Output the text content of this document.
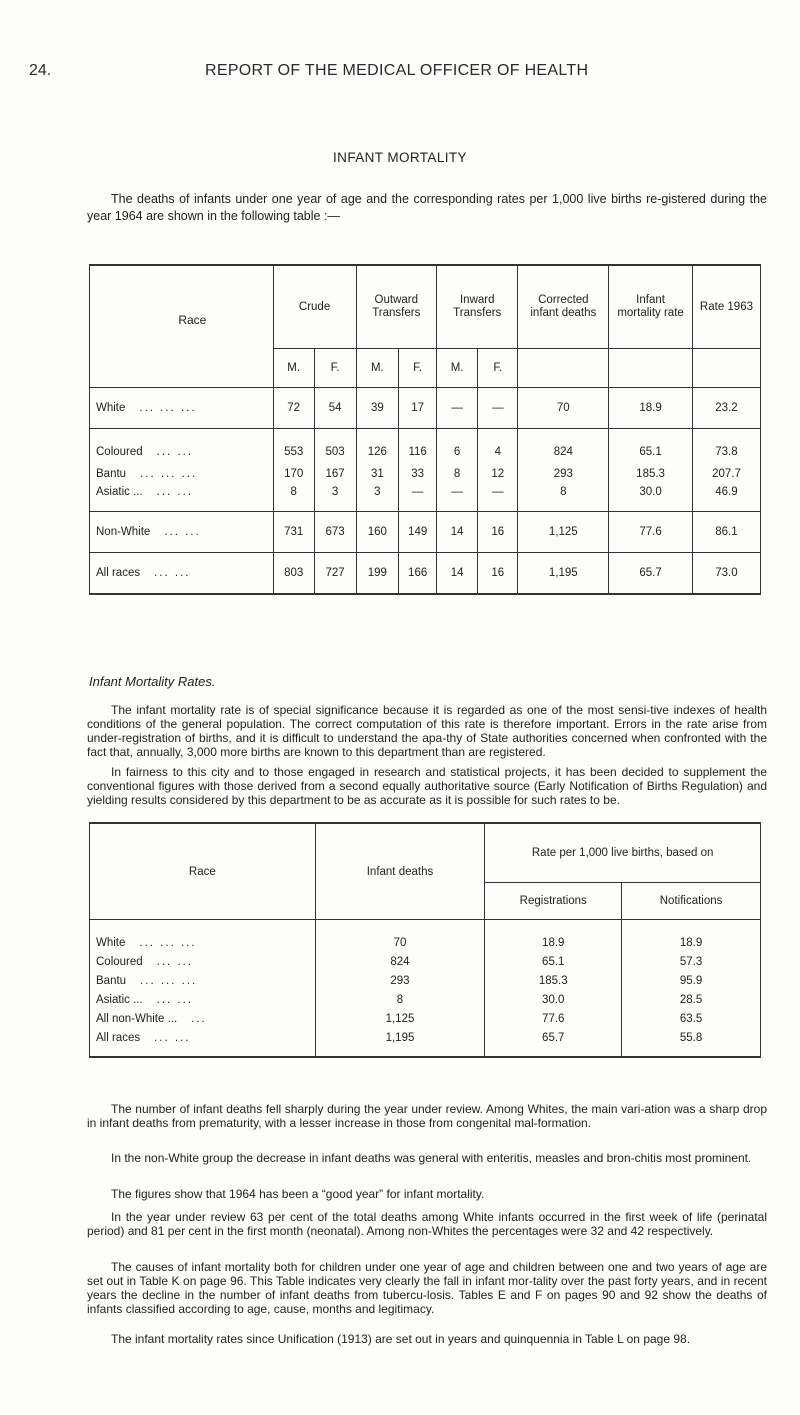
24.	REPORT OF THE MEDICAL OFFICER OF HEALTH
INFANT MORTALITY

The deaths of infants under one year of age and the corresponding rates per 1,000 live births re-gistered during the year 1964 are shown in the following table :—

Race	Crude		Outward Transfers		Inward Transfers		Corrected infant deaths	Infant mortality rate	Rate 1963
	M.	F.	M.	F.	M.	F.			
White ... ... ...	72	54	39	17	—	—	70	18.9	23.2
Coloured ... ...	553	503	126	116	6	4	824	65.1	73.8
Bantu ... ... ...	170	167	31	33	8	12	293	185.3	207.7
Asiatic ... ... ...	8	3	3	—	—	—	8	30.0	46.9
Non-White ... ...	731	673	160	149	14	16	1,125	77.6	86.1
All races ... ...	803	727	199	166	14	16	1,195	65.7	73.0
Infant Mortality Rates.

The infant mortality rate is of special significance because it is regarded as one of the most sensi-tive indexes of health conditions of the general population. The correct computation of this rate is therefore important. Errors in the rate arise from under-registration of births, and it is difficult to understand the apa-thy of State authorities concerned when confronted with the fact that, annually, 3,000 more births are known to this department than are registered.

In fairness to this city and to those engaged in research and statistical projects, it has been decided to supplement the conventional figures with those derived from a second equally authoritative source (Early Notification of Births Regulation) and yielding results considered by this department to be as accurate as it is possible for such rates to be.

Race	Infant deaths	Rate per 1,000 live births, based on	
		Registrations	Notifications
White ... ... ...	70	18.9	18.9
Coloured ... ...	824	65.1	57.3
Bantu ... ... ...	293	185.3	95.9
Asiatic ... ... ...	8	30.0	28.5
All non-White ... ...	1,125	77.6	63.5
All races ... ...	1,195	65.7	55.8

The number of infant deaths fell sharply during the year under review. Among Whites, the main vari-ation was a sharp drop in infant deaths from prematurity, with a lesser increase in those from congenital mal-formation.

In the non-White group the decrease in infant deaths was general with enteritis, measles and bron-chitis most prominent.

The figures show that 1964 has been a “good year” for infant mortality.

In the year under review 63 per cent of the total deaths among White infants occurred in the first week of life (perinatal period) and 81 per cent in the first month (neonatal). Among non-Whites the percentages were 32 and 42 respectively.

The causes of infant mortality both for children under one year of age and children between one and two years of age are set out in Table K on page 96. This Table indicates very clearly the fall in infant mor-tality over the past forty years, and in recent years the decline in the number of infant deaths from tubercu-losis. Tables E and F on pages 90 and 92 show the deaths of infants classified according to age, cause, months and legitimacy.

The infant mortality rates since Unification (1913) are set out in years and quinquennia in Table L on page 98.
